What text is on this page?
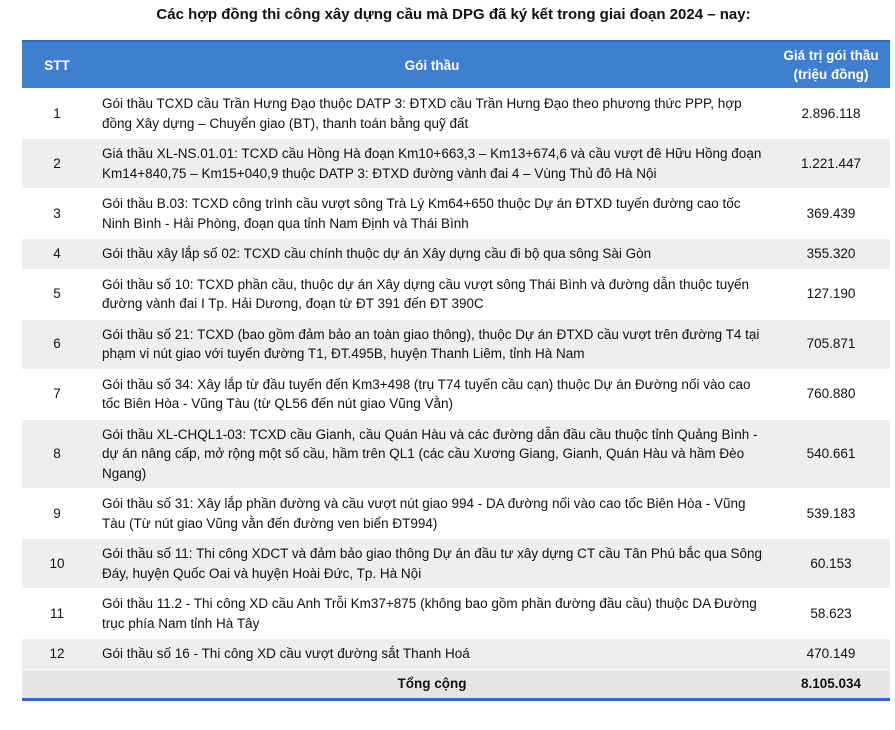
Các hợp đồng thi công xây dựng cầu mà DPG đã ký kết trong giai đoạn 2024 – nay:
STT	Gói thầu	Giá trị gói thầu (triệu đồng)
1	Gói thầu TCXD cầu Trần Hưng Đạo thuộc DATP 3: ĐTXD cầu Trần Hưng Đạo theo phương thức PPP, hợp đồng Xây dựng – Chuyển giao (BT), thanh toán bằng quỹ đất	2.896.118
2	Giá thầu XL-NS.01.01: TCXD cầu Hồng Hà đoạn Km10+663,3 – Km13+674,6 và cầu vượt đê Hữu Hồng đoạn Km14+840,75 – Km15+040,9 thuộc DATP 3: ĐTXD đường vành đai 4 – Vùng Thủ đô Hà Nội	1.221.447
3	Gói thầu B.03: TCXD công trình cầu vượt sông Trà Lý Km64+650 thuộc Dự án ĐTXD tuyến đường cao tốc Ninh Bình - Hải Phòng, đoạn qua tỉnh Nam Định và Thái Bình	369.439
4	Gói thầu xây lắp số 02: TCXD cầu chính thuộc dự án Xây dựng cầu đi bộ qua sông Sài Gòn	355.320
5	Gói thầu số 10: TCXD phần cầu, thuộc dự án Xây dựng cầu vượt sông Thái Bình và đường dẫn thuộc tuyến đường vành đai I Tp. Hải Dương, đoạn từ ĐT 391 đến ĐT 390C	127.190
6	Gói thầu số 21: TCXD (bao gồm đảm bảo an toàn giao thông), thuộc Dự án ĐTXD cầu vượt trên đường T4 tại phạm vi nút giao với tuyến đường T1, ĐT.495B, huyện Thanh Liêm, tỉnh Hà Nam	705.871
7	Gói thầu số 34: Xây lắp từ đầu tuyến đến Km3+498 (trụ T74 tuyến cầu cạn) thuộc Dự án Đường nối vào cao tốc Biên Hòa - Vũng Tàu (từ QL56 đến nút giao Vũng Vằn)	760.880
8	Gói thầu XL-CHQL1-03: TCXD cầu Gianh, cầu Quán Hàu và các đường dẫn đầu cầu thuộc tỉnh Quảng Bình - dự án nâng cấp, mở rộng một số cầu, hầm trên QL1 (các cầu Xương Giang, Gianh, Quán Hàu và hầm Đèo Ngang)	540.661
9	Gói thầu số 31: Xây lắp phần đường và cầu vượt nút giao 994 - DA đường nối vào cao tốc Biên Hòa - Vũng Tàu (Từ nút giao Vũng vằn đến đường ven biển ĐT994)	539.183
10	Gói thầu số 11: Thi công XDCT và đảm bảo giao thông Dự án đầu tư xây dựng CT cầu Tân Phú bắc qua Sông Đáy, huyện Quốc Oai và huyện Hoài Đức, Tp. Hà Nội	60.153
11	Gói thầu 11.2 - Thi công XD cầu Anh Trỗi Km37+875 (không bao gồm phần đường đầu cầu) thuộc DA Đường trục phía Nam tỉnh Hà Tây	58.623
12	Gói thầu số 16 - Thi công XD cầu vượt đường sắt Thanh Hoá	470.149
	Tổng cộng	8.105.034
